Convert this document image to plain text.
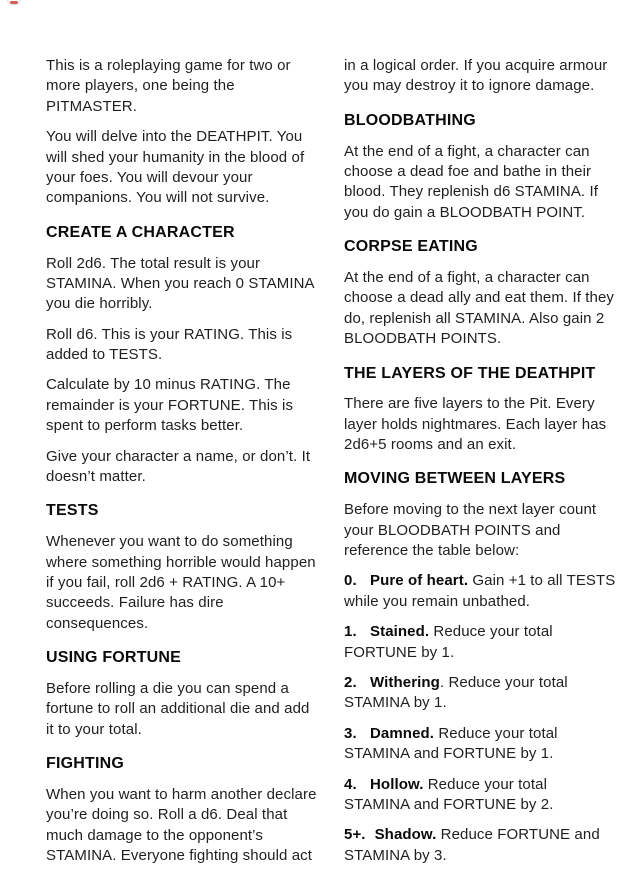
This is a roleplaying game for two or more players, one being the PITMASTER.

You will delve into the DEATHPIT. You will shed your humanity in the blood of your foes. You will devour your companions. You will not survive.

CREATE A CHARACTER

Roll 2d6. The total result is your STAMINA. When you reach 0 STAMINA you die horribly.

Roll d6. This is your RATING. This is added to TESTS.

Calculate by 10 minus RATING. The remainder is your FORTUNE. This is spent to perform tasks better.

Give your character a name, or don’t. It doesn’t matter.

TESTS

Whenever you want to do something where something horrible would happen if you fail, roll 2d6 + RATING. A 10+ succeeds. Failure has dire consequences.

USING FORTUNE

Before rolling a die you can spend a fortune to roll an additional die and add it to your total.

FIGHTING

When you want to harm another declare you’re doing so. Roll a d6. Deal that much damage to the opponent’s STAMINA. Everyone fighting should act

in a logical order. If you acquire armour you may destroy it to ignore damage.

BLOODBATHING

At the end of a fight, a character can choose a dead foe and bathe in their blood. They replenish d6 STAMINA. If you do gain a BLOODBATH POINT.

CORPSE EATING

At the end of a fight, a character can choose a dead ally and eat them. If they do, replenish all STAMINA. Also gain 2 BLOODBATH POINTS.

THE LAYERS OF THE DEATHPIT

There are five layers to the Pit. Every layer holds nightmares. Each layer has 2d6+5 rooms and an exit.

MOVING BETWEEN LAYERS

Before moving to the next layer count your BLOODBATH POINTS and reference the table below:

0. Pure of heart. Gain +1 to all TESTS while you remain unbathed.

1. Stained. Reduce your total FORTUNE by 1.

2. Withering. Reduce your total STAMINA by 1.

3. Damned. Reduce your total STAMINA and FORTUNE by 1.

4. Hollow. Reduce your total STAMINA and FORTUNE by 2.

5+. Shadow. Reduce FORTUNE and STAMINA by 3.
